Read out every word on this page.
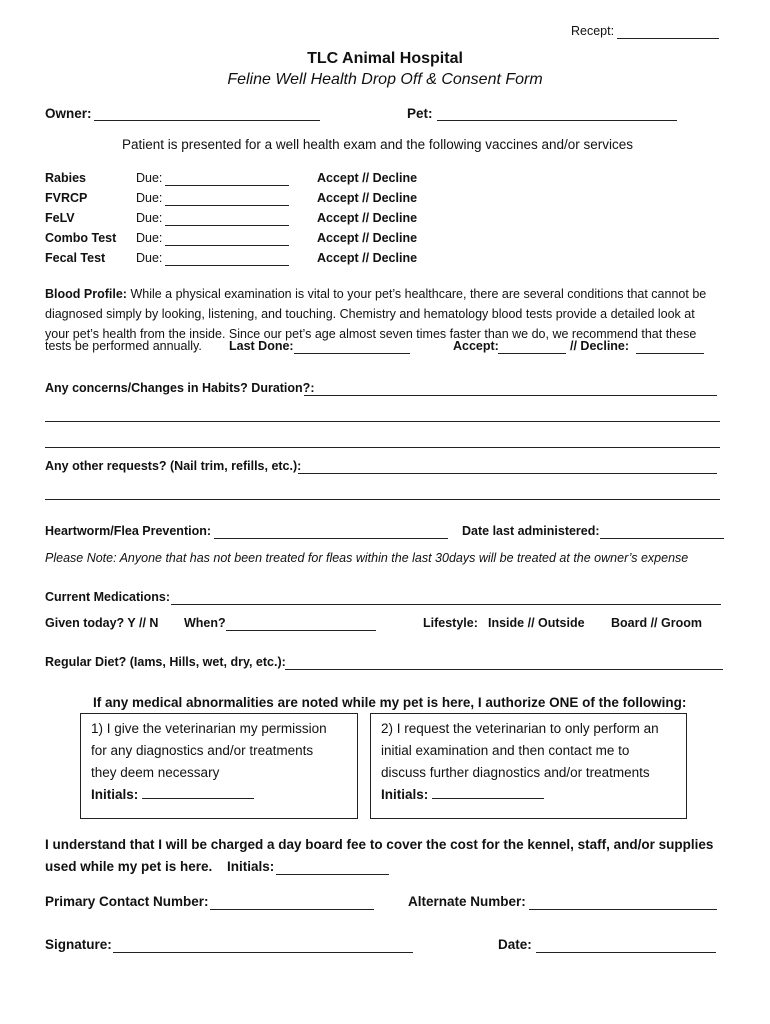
Recept:
TLC Animal Hospital
Feline Well Health Drop Off & Consent Form
Owner:	Pet:
Patient is presented for a well health exam and the following vaccines and/or services
Rabies	Due:	Accept // Decline
FVRCP	Due:	Accept // Decline
FeLV	Due:	Accept // Decline
Combo Test Due:	Accept // Decline
Fecal Test Due:	Accept // Decline
Blood Profile: While a physical examination is vital to your pet’s healthcare, there are several conditions that cannot be
diagnosed simply by looking, listening, and touching. Chemistry and hematology blood tests provide a detailed look at
your pet’s health from the inside. Since our pet’s age almost seven times faster than we do, we recommend that these
tests be performed annually. Last Done:	Accept:	// Decline:
Any concerns/Changes in Habits? Duration?:
Any other requests? (Nail trim, refills, etc.):
Heartworm/Flea Prevention:	Date last administered:
Please Note: Anyone that has not been treated for fleas within the last 30days will be treated at the owner’s expense
Current Medications:
Given today? Y // N When?	Lifestyle: Inside // Outside Board // Groom
Regular Diet? (Iams, Hills, wet, dry, etc.):
If any medical abnormalities are noted while my pet is here, I authorize ONE of the following:
1) I give the veterinarian my permission
for any diagnostics and/or treatments
they deem necessary
Initials:
2) I request the veterinarian to only perform an
initial examination and then contact me to
discuss further diagnostics and/or treatments
Initials:
I understand that I will be charged a day board fee to cover the cost for the kennel, staff, and/or supplies
used while my pet is here. Initials:
Primary Contact Number:	Alternate Number:
Signature:	Date:
